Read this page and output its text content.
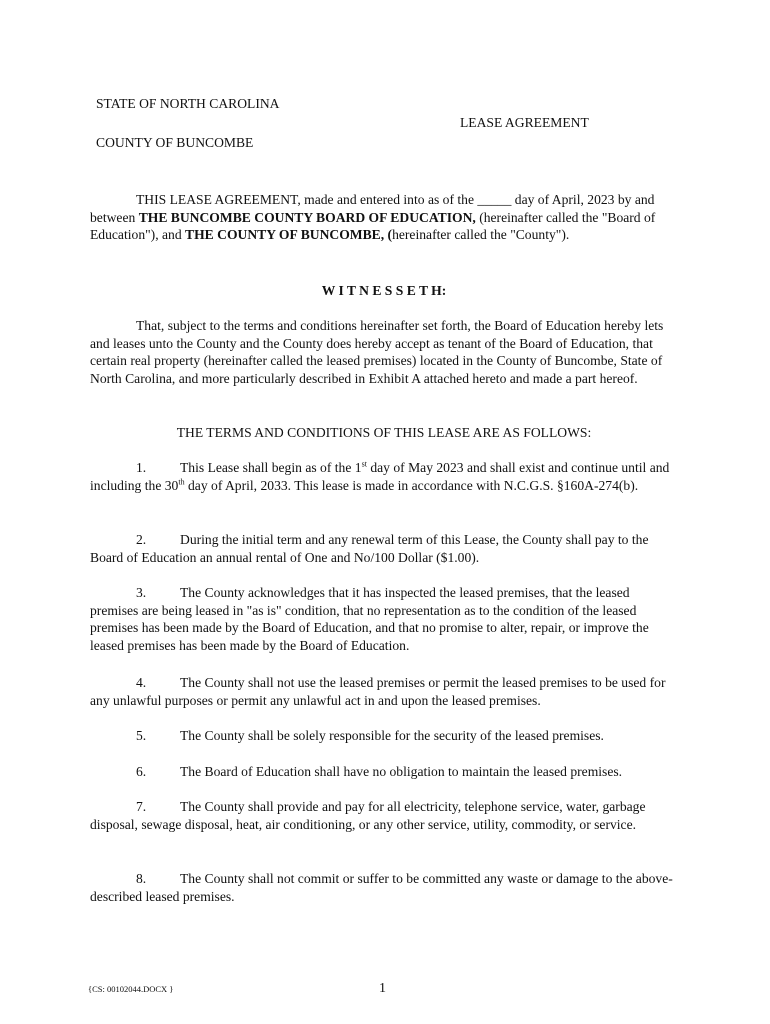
STATE OF NORTH CAROLINA
LEASE AGREEMENT
COUNTY OF BUNCOMBE

THIS LEASE AGREEMENT, made and entered into as of the _____ day of April, 2023 by and between THE BUNCOMBE COUNTY BOARD OF EDUCATION, (hereinafter called the "Board of Education"), and THE COUNTY OF BUNCOMBE, (hereinafter called the "County").

W I T N E S S E T H:

That, subject to the terms and conditions hereinafter set forth, the Board of Education hereby lets and leases unto the County and the County does hereby accept as tenant of the Board of Education, that certain real property (hereinafter called the leased premises) located in the County of Buncombe, State of North Carolina, and more particularly described in Exhibit A attached hereto and made a part hereof.

THE TERMS AND CONDITIONS OF THIS LEASE ARE AS FOLLOWS:

1. This Lease shall begin as of the 1st day of May 2023 and shall exist and continue until and including the 30th day of April, 2033. This lease is made in accordance with N.C.G.S. §160A-274(b).

2. During the initial term and any renewal term of this Lease, the County shall pay to the Board of Education an annual rental of One and No/100 Dollar ($1.00).

3. The County acknowledges that it has inspected the leased premises, that the leased premises are being leased in "as is" condition, that no representation as to the condition of the leased premises has been made by the Board of Education, and that no promise to alter, repair, or improve the leased premises has been made by the Board of Education.

4. The County shall not use the leased premises or permit the leased premises to be used for any unlawful purposes or permit any unlawful act in and upon the leased premises.

5. The County shall be solely responsible for the security of the leased premises.

6. The Board of Education shall have no obligation to maintain the leased premises.

7. The County shall provide and pay for all electricity, telephone service, water, garbage disposal, sewage disposal, heat, air conditioning, or any other service, utility, commodity, or service.

8. The County shall not commit or suffer to be committed any waste or damage to the above-described leased premises.

{CS: 00102044.DOCX }	1
